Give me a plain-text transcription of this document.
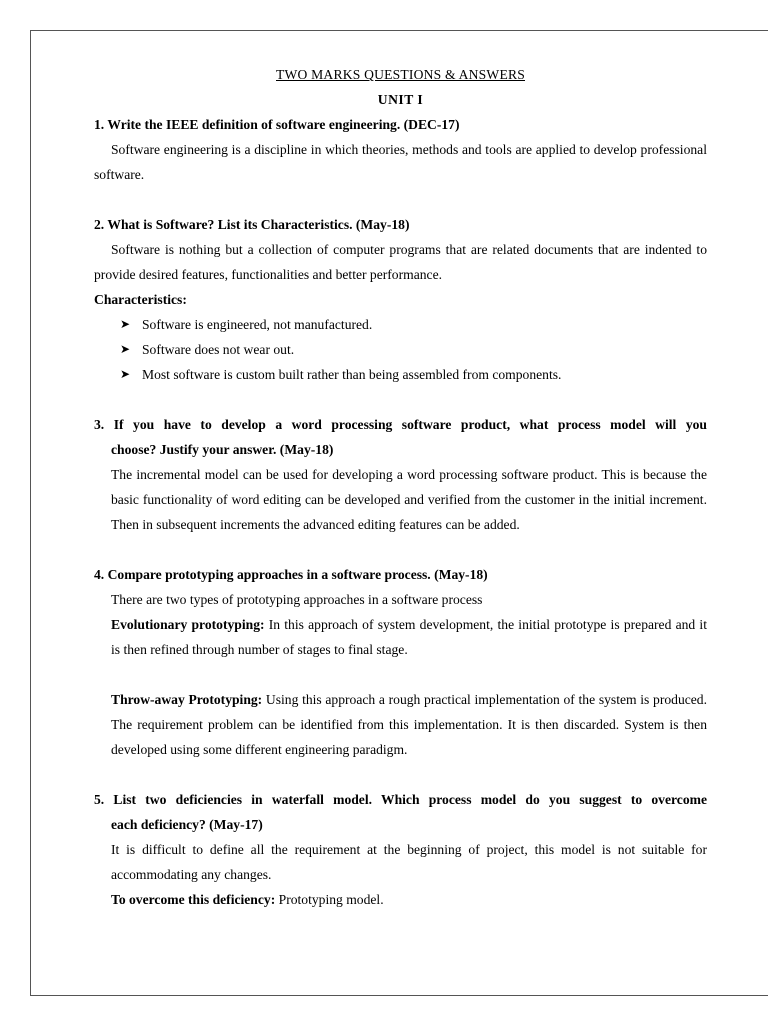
TWO MARKS QUESTIONS & ANSWERS
UNIT I
1. Write the IEEE definition of software engineering. (DEC-17)
Software engineering is a discipline in which theories, methods and tools are applied to develop professional software.
2. What is Software? List its Characteristics. (May-18)
Software is nothing but a collection of computer programs that are related documents that are indented to provide desired features, functionalities and better performance.
Characteristics:
➤ Software is engineered, not manufactured.
➤ Software does not wear out.
➤ Most software is custom built rather than being assembled from components.
3. If you have to develop a word processing software product, what process model will you
choose? Justify your answer. (May-18)
The incremental model can be used for developing a word processing software product. This is because the basic functionality of word editing can be developed and verified from the customer in the initial increment. Then in subsequent increments the advanced editing features can be added.
4. Compare prototyping approaches in a software process. (May-18)
There are two types of prototyping approaches in a software process
Evolutionary prototyping: In this approach of system development, the initial prototype is prepared and it is then refined through number of stages to final stage.
Throw-away Prototyping: Using this approach a rough practical implementation of the system is produced. The requirement problem can be identified from this implementation. It is then discarded. System is then developed using some different engineering paradigm.
5. List two deficiencies in waterfall model. Which process model do you suggest to overcome
each deficiency? (May-17)
It is difficult to define all the requirement at the beginning of project, this model is not suitable for accommodating any changes.
To overcome this deficiency: Prototyping model.
